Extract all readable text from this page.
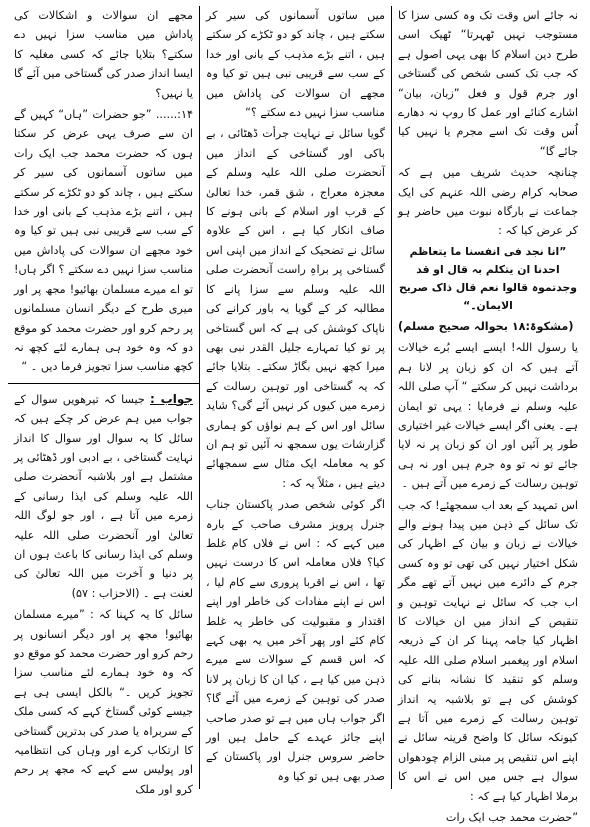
نہ جائے اس وقت تک وہ کسی سزا کا مستوجب نہیں ٹھہرتا“ ٹھیک اسی طرح دین اسلام کا بھی یہی اصول ہے کہ جب تک کسی شخص کی گستاخی اور جرم قول و فعل ”زبان، بیان“ اشارے کنائے اور عمل کا روپ نہ دھارے اُس وقت تک اسے مجرم یا نہیں کیا جائے گا“

چنانچہ حدیث شریف میں ہے کہ صحابہ کرام رضی اللہ عنہم کی ایک جماعت نے بارگاہ نبوت میں حاضر ہو کر عرض کیا کہ :

”انا نجد فی انفسنا ما یتعاظم احدنا ان یتکلم بہ قال او قد وجدتموہ قالوا نعم قال ذاک صریح الایمان۔“

(مشکوۃ:۱۸ بحوالہ صحیح مسلم)

یا رسول اللہ! ایسے ایسے بُرے خیالات آتے ہیں کہ ان کو زبان پر لانا ہم برداشت نہیں کر سکتے “ آپ صلی اللہ علیہ وسلم نے فرمایا : یہی تو ایمان ہے۔ یعنی اگر ایسے خیالات غیر اختیاری طور پر آئیں اور ان کو زبان پر نہ لایا جائے تو نہ تو وہ جرم ہیں اور نہ ہی توہین رسالت کے زمرے میں آتے ہیں ۔

اس تمہید کے بعد اب سمجھئے! کہ جب تک سائل کے ذہن میں پیدا ہونے والے خیالات نے زبان و بیان کے اظہار کی شکل اختیار نہیں کی تھی تو وہ کسی جرم کے دائرے میں نہیں آتے تھے مگر اب جب کہ سائل نے نہایت توہین و تنقیص کے انداز میں ان خیالات کا اظہار کیا جامہ پہنا کر ان کے ذریعہ اسلام اور پیغمبر اسلام صلی اللہ علیہ وسلم کو تنقید کا نشانہ بنانے کی کوشش کی ہے تو بلاشبہ یہ انداز توہین رسالت کے زمرے میں آتا ہے کیونکہ سائل کا واضح قرینہ سائل نے اپنے اس تنقیص پر مبنی الزام چودھواں سوال ہے جس میں اس نے اس کا برملا اظہار کیا ہے کہ :

”حضرت محمد جب ایک رات

میں ساتوں آسمانوں کی سیر کر سکتے ہیں ، چاند کو دو ٹکڑے کر سکتے ہیں ، اتنے بڑے مذہب کے بانی اور خدا کے سب سے قریبی نبی ہیں تو کیا وہ مجھے ان سوالات کی پاداش میں مناسب سزا نہیں دے سکتے ؟“

گویا سائل نے نہایت جرأت ڈھٹائی ، بے باکی اور گستاخی کے انداز میں آنحضرت صلی اللہ علیہ وسلم کے معجزہ معراج ، شق قمر، خدا تعالیٰ کے قرب اور اسلام کے بانی ہونے کا صاف انکار کیا ہے ، اس کے علاوہ سائل نے تضحیک کے انداز میں اپنی اس گستاخی پر براہِ راست آنحضرت صلی اللہ علیہ وسلم سے سزا پانے کا مطالبہ کر کے گویا یہ باور کرانے کی ناپاک کوشش کی ہے کہ اس گستاخی پر تو کیا تمہارے جلیل القدر نبی بھی میرا کچھ نہیں بگاڑ سکتے۔ بتلایا جائے کہ یہ گستاخی اور توہین رسالت کے زمرے میں کیوں کر نہیں آئے گی؟ شاید سائل اور اس کے ہم نواؤں کو ہماری گزارشات یوں سمجھ نہ آئیں تو ہم ان کو یہ معاملہ ایک مثال سے سمجھائے دیتے ہیں ، مثلاً یہ کہ :

اگر کوئی شخص صدر پاکستان جناب جنرل پرویز مشرف صاحب کے بارہ میں کہے کہ : اس نے فلاں کام غلط کیا؟ فلاں معاملہ اس کا درست نہیں تھا ، اس نے اقربا پروری سے کام لیا ، اس نے اپنے مفادات کی خاطر اور اپنے اقتدار و مقبولیت کی خاطر یہ غلط کام کئے اور پھر آخر میں یہ بھی کہے کہ اس قسم کے سوالات سے میرے ذہن میں کیا ہے ، کیا ان کا زبان پر لانا صدر کی توہین کے زمرے میں آئے گا؟ اگر جواب ہاں میں ہے تو صدر صاحب اپنے جائز عہدے کے حامل ہیں اور حاضر سروس جنرل اور پاکستان کے صدر بھی ہیں تو کیا وہ

مجھے ان سوالات و اشکالات کی پاداش میں مناسب سزا نہیں دے سکتے؟ بتلایا جائے کہ کسی مغلیہ کا ایسا انداز صدر کی گستاخی میں آئے گا یا نہیں؟

۱۴:...... ”جو حضرات ”ہاں“ کہیں گے ان سے صرف یہی عرض کر سکتا ہوں کہ حضرت محمد جب ایک رات میں ساتوں آسمانوں کی سیر کر سکتے ہیں ، چاند کو دو ٹکڑے کر سکتے ہیں ، اتنے بڑے مذہب کے بانی اور خدا کے سب سے قریبی نبی ہیں تو کیا وہ خود مجھے ان سوالات کی پاداش میں مناسب سزا نہیں دے سکتے ؟ اگر ہاں! تو اے میرے مسلمان بھائیو! مجھ پر اور میری طرح کے دیگر انسان مسلمانوں پر رحم کرو اور حضرت محمد کو موقع دو کہ وہ خود ہی ہمارے لئے کچھ نہ کچھ مناسب سزا تجویز فرما دیں ۔ “

جواب : جیسا کہ تیرھویں سوال کے جواب میں ہم عرض کر چکے ہیں کہ سائل کا یہ سوال اور سوال کا انداز نہایت گستاخی ، بے ادبی اور ڈھٹائی پر مشتمل ہے اور بلاشبہ آنحضرت صلی اللہ علیہ وسلم کی ایذا رسانی کے زمرے میں آتا ہے ، اور جو لوگ اللہ تعالیٰ اور آنحضرت صلی اللہ علیہ وسلم کی ایذا رسانی کا باعث ہوں ان پر دنیا و آخرت میں اللہ تعالیٰ کی لعنت ہے ۔ (الاحزاب : ۵۷)

سائل کا یہ کہنا کہ : ”میرے مسلمان بھائیو! مجھ پر اور دیگر انسانوں پر رحم کرو اور حضرت محمد کو موقع دو کہ وہ خود ہمارے لئے مناسب سزا تجویز کریں ۔“ بالکل ایسی ہی ہے جیسے کوئی گستاخ کہے کہ کسی ملک کے سربراہ یا صدر کی بدترین گستاخی کا ارتکاب کرے اور وہاں کی انتظامیہ اور پولیس سے کہے کہ مجھ پر رحم کرو اور ملک
